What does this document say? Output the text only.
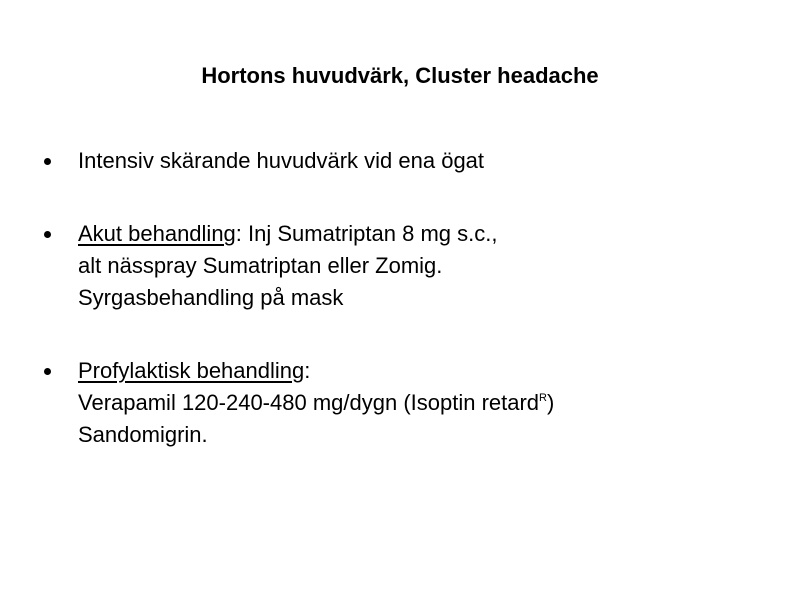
Hortons huvudvärk, Cluster headache
Intensiv skärande huvudvärk vid ena ögat
Akut behandling: Inj Sumatriptan 8 mg s.c.,
alt nässpray Sumatriptan eller Zomig.
Syrgasbehandling på mask
Profylaktisk behandling:
Verapamil 120-240-480 mg/dygn (Isoptin retard$^R$)
Sandomigrin.
